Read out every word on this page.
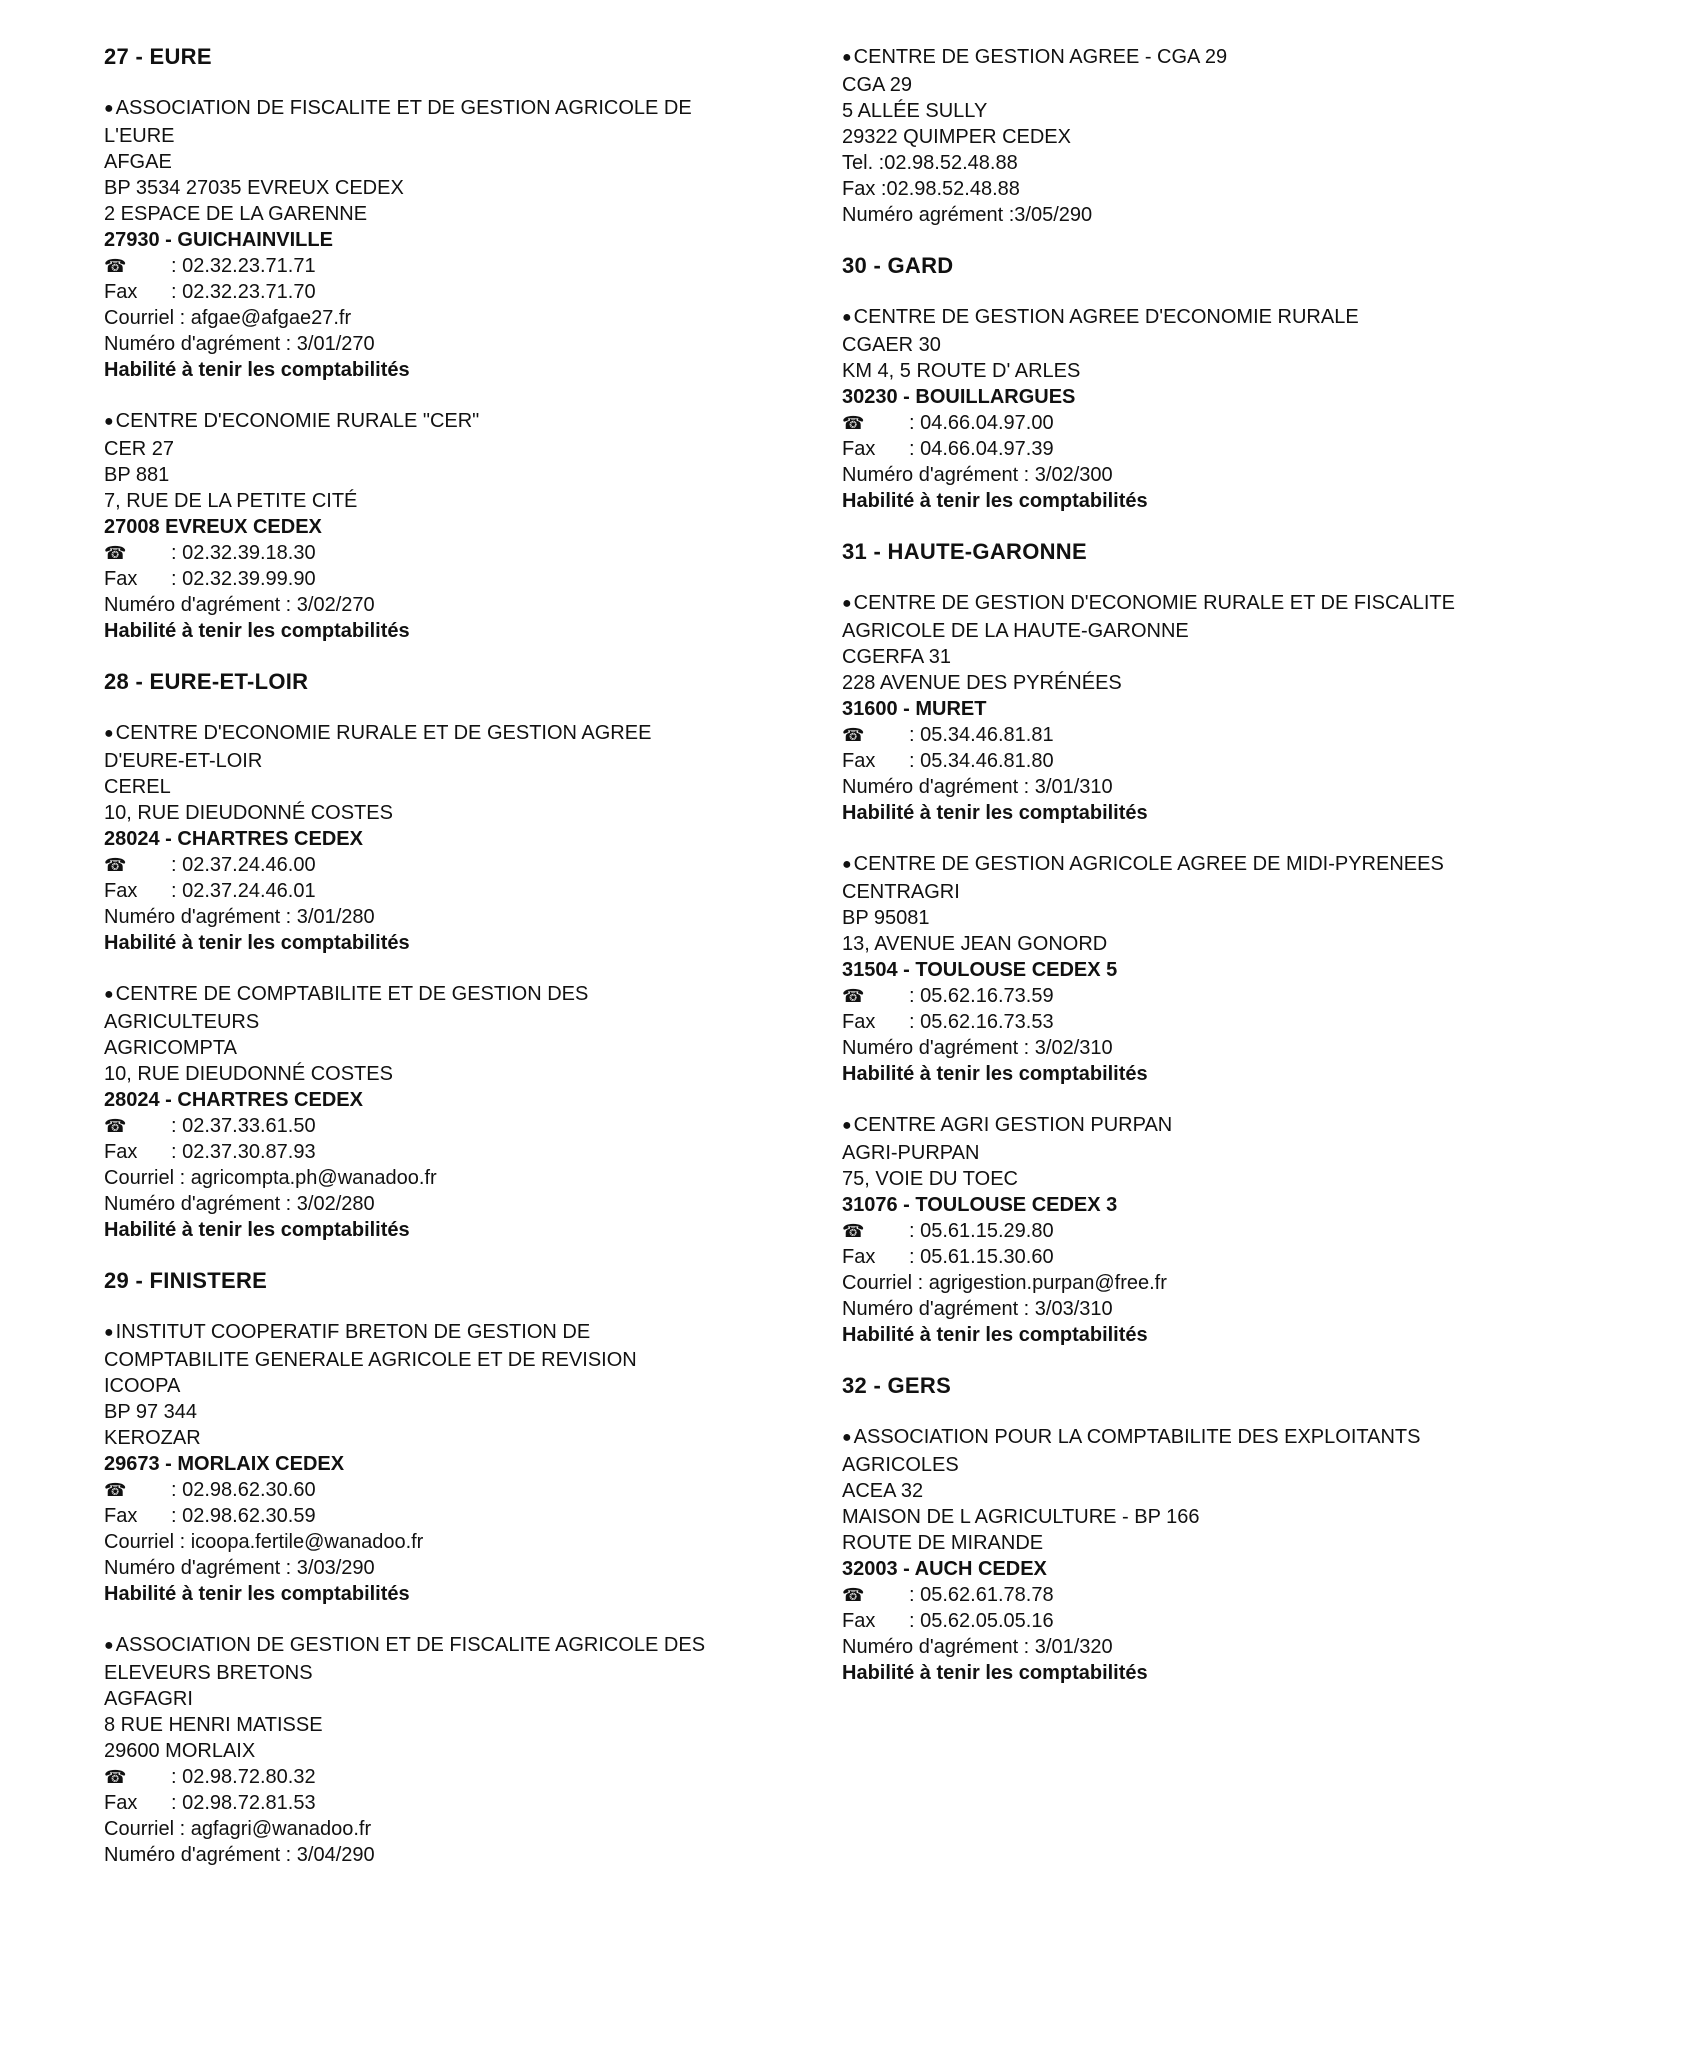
27 - EURE
● ASSOCIATION DE FISCALITE ET DE GESTION AGRICOLE DE
L'EURE
AFGAE
BP 3534 27035 EVREUX CEDEX
2 ESPACE DE LA GARENNE
27930 - GUICHAINVILLE
☎ : 02.32.23.71.71
Fax : 02.32.23.71.70
Courriel : afgae@afgae27.fr
Numéro d'agrément : 3/01/270
Habilité à tenir les comptabilités
● CENTRE D'ECONOMIE RURALE "CER"
CER 27
BP 881
7, RUE DE LA PETITE CITÉ
27008 EVREUX CEDEX
☎ : 02.32.39.18.30
Fax : 02.32.39.99.90
Numéro d'agrément : 3/02/270
Habilité à tenir les comptabilités
28 - EURE-ET-LOIR
● CENTRE D'ECONOMIE RURALE ET DE GESTION AGREE
D'EURE-ET-LOIR
CEREL
10, RUE DIEUDONNÉ COSTES
28024 - CHARTRES CEDEX
☎ : 02.37.24.46.00
Fax : 02.37.24.46.01
Numéro d'agrément : 3/01/280
Habilité à tenir les comptabilités
● CENTRE DE COMPTABILITE ET DE GESTION DES
AGRICULTEURS
AGRICOMPTA
10, RUE DIEUDONNÉ COSTES
28024 - CHARTRES CEDEX
☎ : 02.37.33.61.50
Fax : 02.37.30.87.93
Courriel : agricompta.ph@wanadoo.fr
Numéro d'agrément : 3/02/280
Habilité à tenir les comptabilités
29 - FINISTERE
● INSTITUT COOPERATIF BRETON DE GESTION DE
COMPTABILITE GENERALE AGRICOLE ET DE REVISION
ICOOPA
BP 97 344
KEROZAR
29673 - MORLAIX CEDEX
☎ : 02.98.62.30.60
Fax : 02.98.62.30.59
Courriel : icoopa.fertile@wanadoo.fr
Numéro d'agrément : 3/03/290
Habilité à tenir les comptabilités
● ASSOCIATION DE GESTION ET DE FISCALITE AGRICOLE DES
ELEVEURS BRETONS
AGFAGRI
8 RUE HENRI MATISSE
29600 MORLAIX
☎ : 02.98.72.80.32
Fax : 02.98.72.81.53
Courriel : agfagri@wanadoo.fr
Numéro d'agrément : 3/04/290
● CENTRE DE GESTION AGREE - CGA 29
CGA 29
5 ALLÉE SULLY
29322 QUIMPER CEDEX
Tel. :02.98.52.48.88
Fax :02.98.52.48.88
Numéro agrément :3/05/290
30 - GARD
● CENTRE DE GESTION AGREE D'ECONOMIE RURALE
CGAER 30
KM 4, 5 ROUTE D' ARLES
30230 - BOUILLARGUES
☎ : 04.66.04.97.00
Fax : 04.66.04.97.39
Numéro d'agrément : 3/02/300
Habilité à tenir les comptabilités
31 - HAUTE-GARONNE
● CENTRE DE GESTION D'ECONOMIE RURALE ET DE FISCALITE
AGRICOLE DE LA HAUTE-GARONNE
CGERFA 31
228 AVENUE DES PYRÉNÉES
31600 - MURET
☎ : 05.34.46.81.81
Fax : 05.34.46.81.80
Numéro d'agrément : 3/01/310
Habilité à tenir les comptabilités
● CENTRE DE GESTION AGRICOLE AGREE DE MIDI-PYRENEES
CENTRAGRI
BP 95081
13, AVENUE JEAN GONORD
31504 - TOULOUSE CEDEX 5
☎ : 05.62.16.73.59
Fax : 05.62.16.73.53
Numéro d'agrément : 3/02/310
Habilité à tenir les comptabilités
● CENTRE AGRI GESTION PURPAN
AGRI-PURPAN
75, VOIE DU TOEC
31076 - TOULOUSE CEDEX 3
☎ : 05.61.15.29.80
Fax : 05.61.15.30.60
Courriel : agrigestion.purpan@free.fr
Numéro d'agrément : 3/03/310
Habilité à tenir les comptabilités
32 - GERS
● ASSOCIATION POUR LA COMPTABILITE DES EXPLOITANTS
AGRICOLES
ACEA 32
MAISON DE L AGRICULTURE - BP 166
ROUTE DE MIRANDE
32003 - AUCH CEDEX
☎ : 05.62.61.78.78
Fax : 05.62.05.05.16
Numéro d'agrément : 3/01/320
Habilité à tenir les comptabilités
